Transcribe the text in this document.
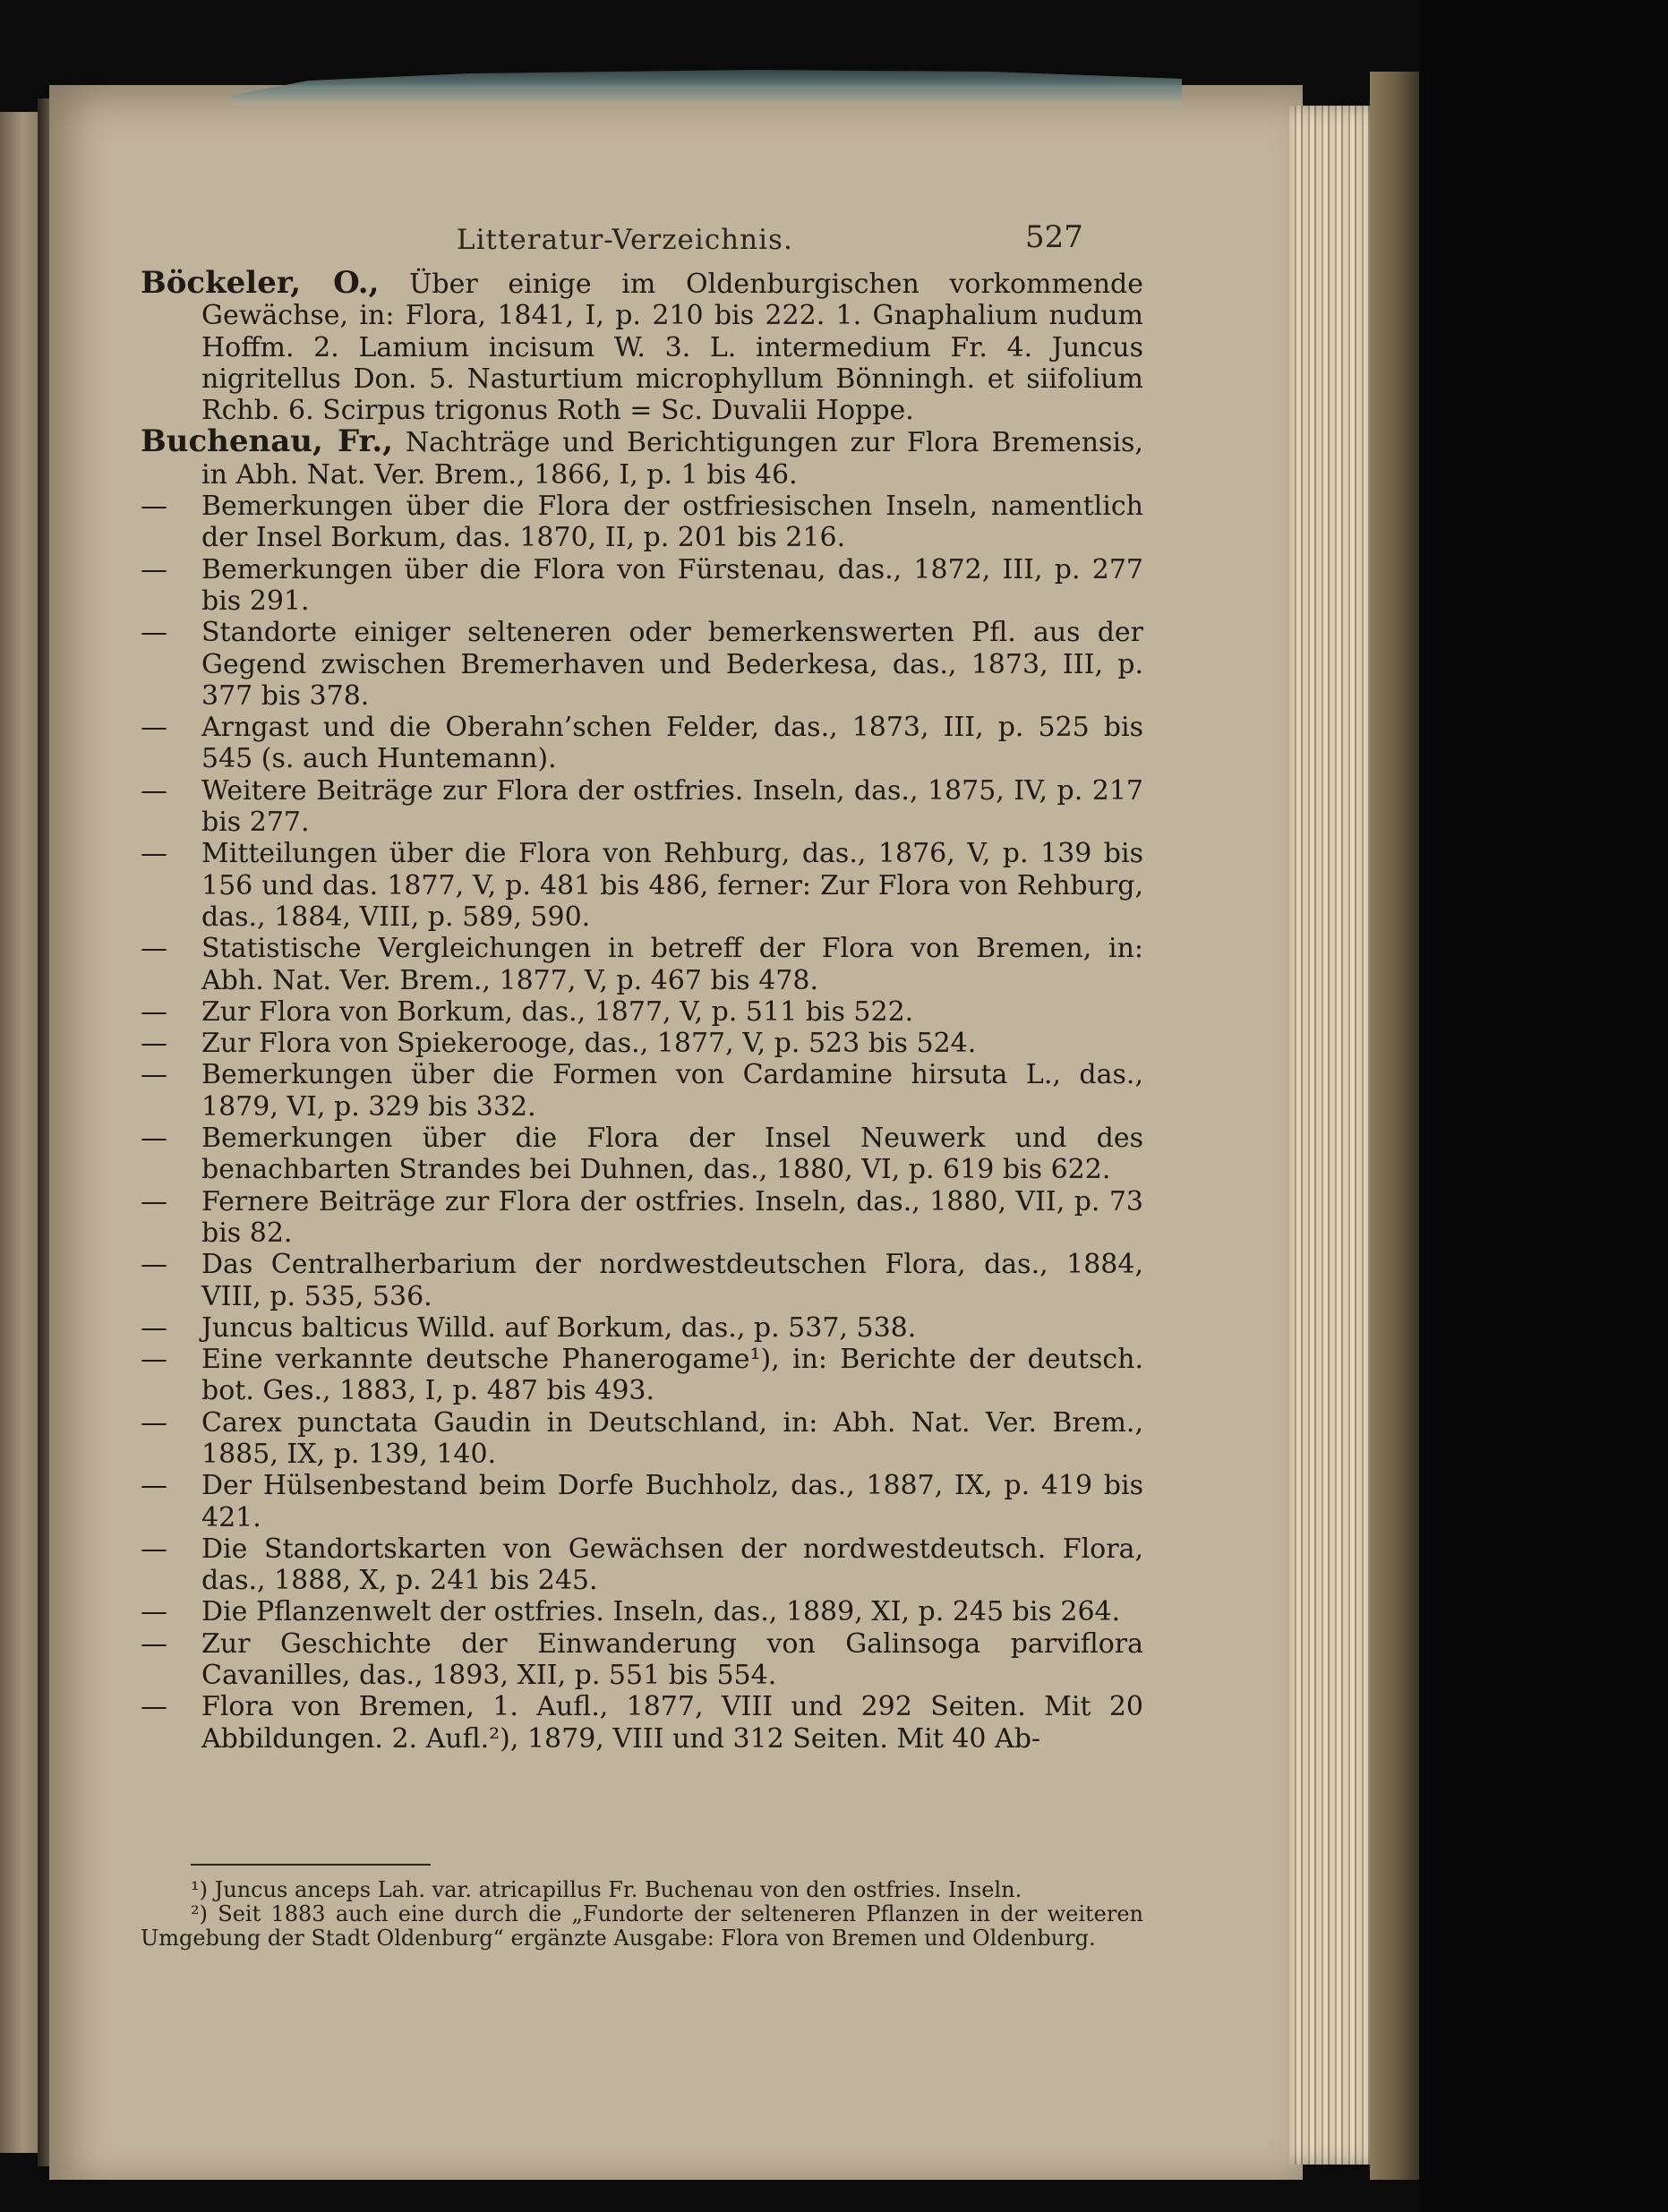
Litteratur-Verzeichnis.	527

Böckeler, O., Über einige im Oldenburgischen vorkommende Gewächse, in: Flora, 1841, I, p. 210 bis 222. 1. Gnaphalium nudum Hoffm. 2. Lamium incisum W. 3. L. intermedium Fr. 4. Juncus nigritellus Don. 5. Nasturtium microphyllum Bönningh. et siifolium Rchb. 6. Scirpus trigonus Roth = Sc. Duvalii Hoppe.

Buchenau, Fr., Nachträge und Berichtigungen zur Flora Bremensis, in Abh. Nat. Ver. Brem., 1866, I, p. 1 bis 46.

— Bemerkungen über die Flora der ostfriesischen Inseln, namentlich der Insel Borkum, das. 1870, II, p. 201 bis 216.

— Bemerkungen über die Flora von Fürstenau, das., 1872, III, p. 277 bis 291.

— Standorte einiger selteneren oder bemerkenswerten Pfl. aus der Gegend zwischen Bremerhaven und Bederkesa, das., 1873, III, p. 377 bis 378.

— Arngast und die Oberahn’schen Felder, das., 1873, III, p. 525 bis 545 (s. auch Huntemann).

— Weitere Beiträge zur Flora der ostfries. Inseln, das., 1875, IV, p. 217 bis 277.

— Mitteilungen über die Flora von Rehburg, das., 1876, V, p. 139 bis 156 und das. 1877, V, p. 481 bis 486, ferner: Zur Flora von Rehburg, das., 1884, VIII, p. 589, 590.

— Statistische Vergleichungen in betreff der Flora von Bremen, in: Abh. Nat. Ver. Brem., 1877, V, p. 467 bis 478.

— Zur Flora von Borkum, das., 1877, V, p. 511 bis 522.

— Zur Flora von Spiekerooge, das., 1877, V, p. 523 bis 524.

— Bemerkungen über die Formen von Cardamine hirsuta L., das., 1879, VI, p. 329 bis 332.

— Bemerkungen über die Flora der Insel Neuwerk und des benachbarten Strandes bei Duhnen, das., 1880, VI, p. 619 bis 622.

— Fernere Beiträge zur Flora der ostfries. Inseln, das., 1880, VII, p. 73 bis 82.

— Das Centralherbarium der nordwestdeutschen Flora, das., 1884, VIII, p. 535, 536.

— Juncus balticus Willd. auf Borkum, das., p. 537, 538.

— Eine verkannte deutsche Phanerogame¹), in: Berichte der deutsch. bot. Ges., 1883, I, p. 487 bis 493.

— Carex punctata Gaudin in Deutschland, in: Abh. Nat. Ver. Brem., 1885, IX, p. 139, 140.

— Der Hülsenbestand beim Dorfe Buchholz, das., 1887, IX, p. 419 bis 421.

— Die Standortskarten von Gewächsen der nordwestdeutsch. Flora, das., 1888, X, p. 241 bis 245.

— Die Pflanzenwelt der ostfries. Inseln, das., 1889, XI, p. 245 bis 264.

— Zur Geschichte der Einwanderung von Galinsoga parviflora Cavanilles, das., 1893, XII, p. 551 bis 554.

— Flora von Bremen, 1. Aufl., 1877, VIII und 292 Seiten. Mit 20 Abbildungen. 2. Aufl.²), 1879, VIII und 312 Seiten. Mit 40 Ab-

¹) Juncus anceps Lah. var. atricapillus Fr. Buchenau von den ostfries. Inseln.

²) Seit 1883 auch eine durch die „Fundorte der selteneren Pflanzen in der weiteren Umgebung der Stadt Oldenburg“ ergänzte Ausgabe: Flora von Bremen und Oldenburg.
